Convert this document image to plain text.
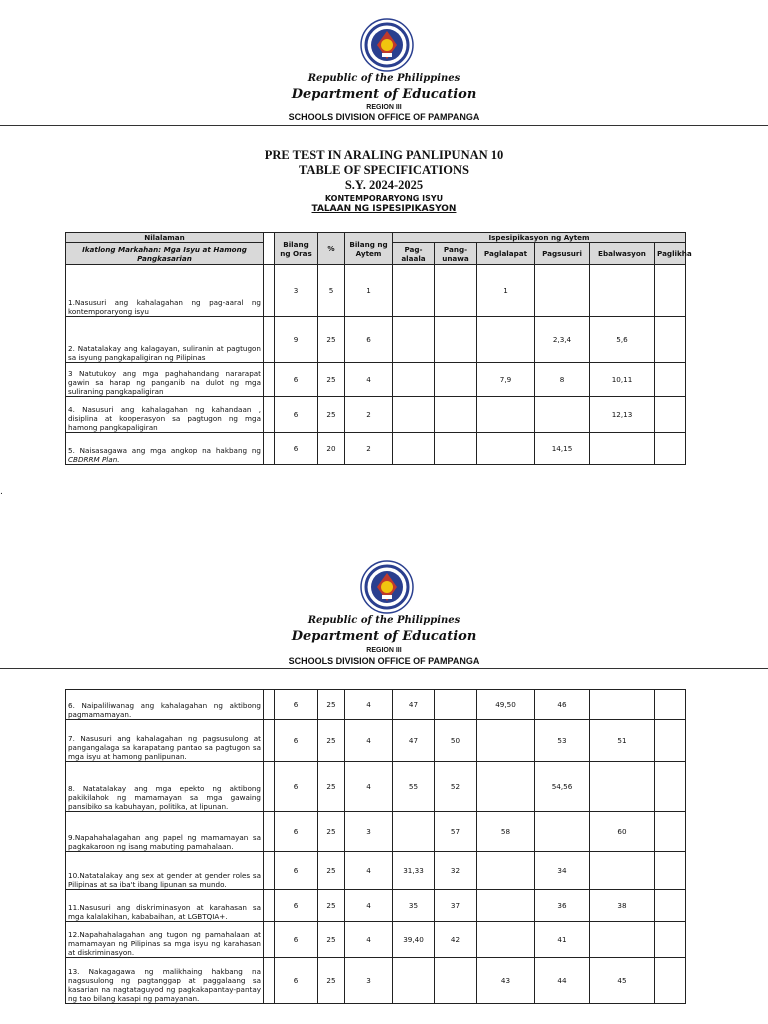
Republic of the Philippines
Department of Education
REGION III
SCHOOLS DIVISION OFFICE OF PAMPANGA
PRE TEST IN ARALING PANLIPUNAN 10
TABLE OF SPECIFICATIONS
S.Y. 2024-2025
KONTEMPORARYONG ISYU
TALAAN NG ISPESIPIKASYON
Nilalaman		Bilang ng Oras	%	Bilang ng Aytem	Ispesipikasyon ng Aytem					
Ikatlong Markahan: Mga Isyu at Hamong Pangkasarian					Pag-alaala	Pang-unawa	Paglalapat	Pagsusuri	Ebalwasyon	Paglikha
1.Nasusuri ang kahalagahan ng pag-aaral ng kontemporaryong isyu		3	5	1			1			
2. Natatalakay ang kalagayan, suliranin at pagtugon sa isyung pangkapaligiran ng Pilipinas		9	25	6				2,3,4	5,6	
3 Natutukoy ang mga paghahandang nararapat gawin sa harap ng panganib na dulot ng mga suliraning pangkapaligiran		6	25	4			7,9	8	10,11	
4. Nasusuri ang kahalagahan ng kahandaan , disiplina at kooperasyon sa pagtugon ng mga hamong pangkapaligiran		6	25	2					12,13	
5. Naisasagawa ang mga angkop na hakbang ng CBDRRM Plan.		6	20	2				14,15		
.
Republic of the Philippines
Department of Education
REGION III
SCHOOLS DIVISION OFFICE OF PAMPANGA
6. Naipaliliwanag ang kahalagahan ng aktibong pagmamamayan.		6	25	4	47		49,50	46		
7. Nasusuri ang kahalagahan ng pagsusulong at pangangalaga sa karapatang pantao sa pagtugon sa mga isyu at hamong panlipunan.		6	25	4	47	50		53	51	
8. Natatalakay ang mga epekto ng aktibong pakikilahok ng mamamayan sa mga gawaing pansibiko sa kabuhayan, politika, at lipunan.		6	25	4	55	52		54,56		
9.Napahahalagahan ang papel ng mamamayan sa pagkakaroon ng isang mabuting pamahalaan.		6	25	3		57	58		60	
10.Natatalakay ang sex at gender at gender roles sa Pilipinas at sa iba't ibang lipunan sa mundo.		6	25	4	31,33	32		34		
11.Nasusuri ang diskriminasyon at karahasan sa mga kalalakihan, kababaihan, at LGBTQIA+.		6	25	4	35	37		36	38	
12.Napahahalagahan ang tugon ng pamahalaan at mamamayan ng Pilipinas sa mga isyu ng karahasan at diskriminasyon.		6	25	4	39,40	42		41		
13. Nakagagawa ng malikhaing hakbang na nagsusulong ng pagtanggap at paggalaang sa kasarian na nagtataguyod ng pagkakapantay-pantay ng tao bilang kasapi ng pamayanan.		6	25	3			43	44	45	
